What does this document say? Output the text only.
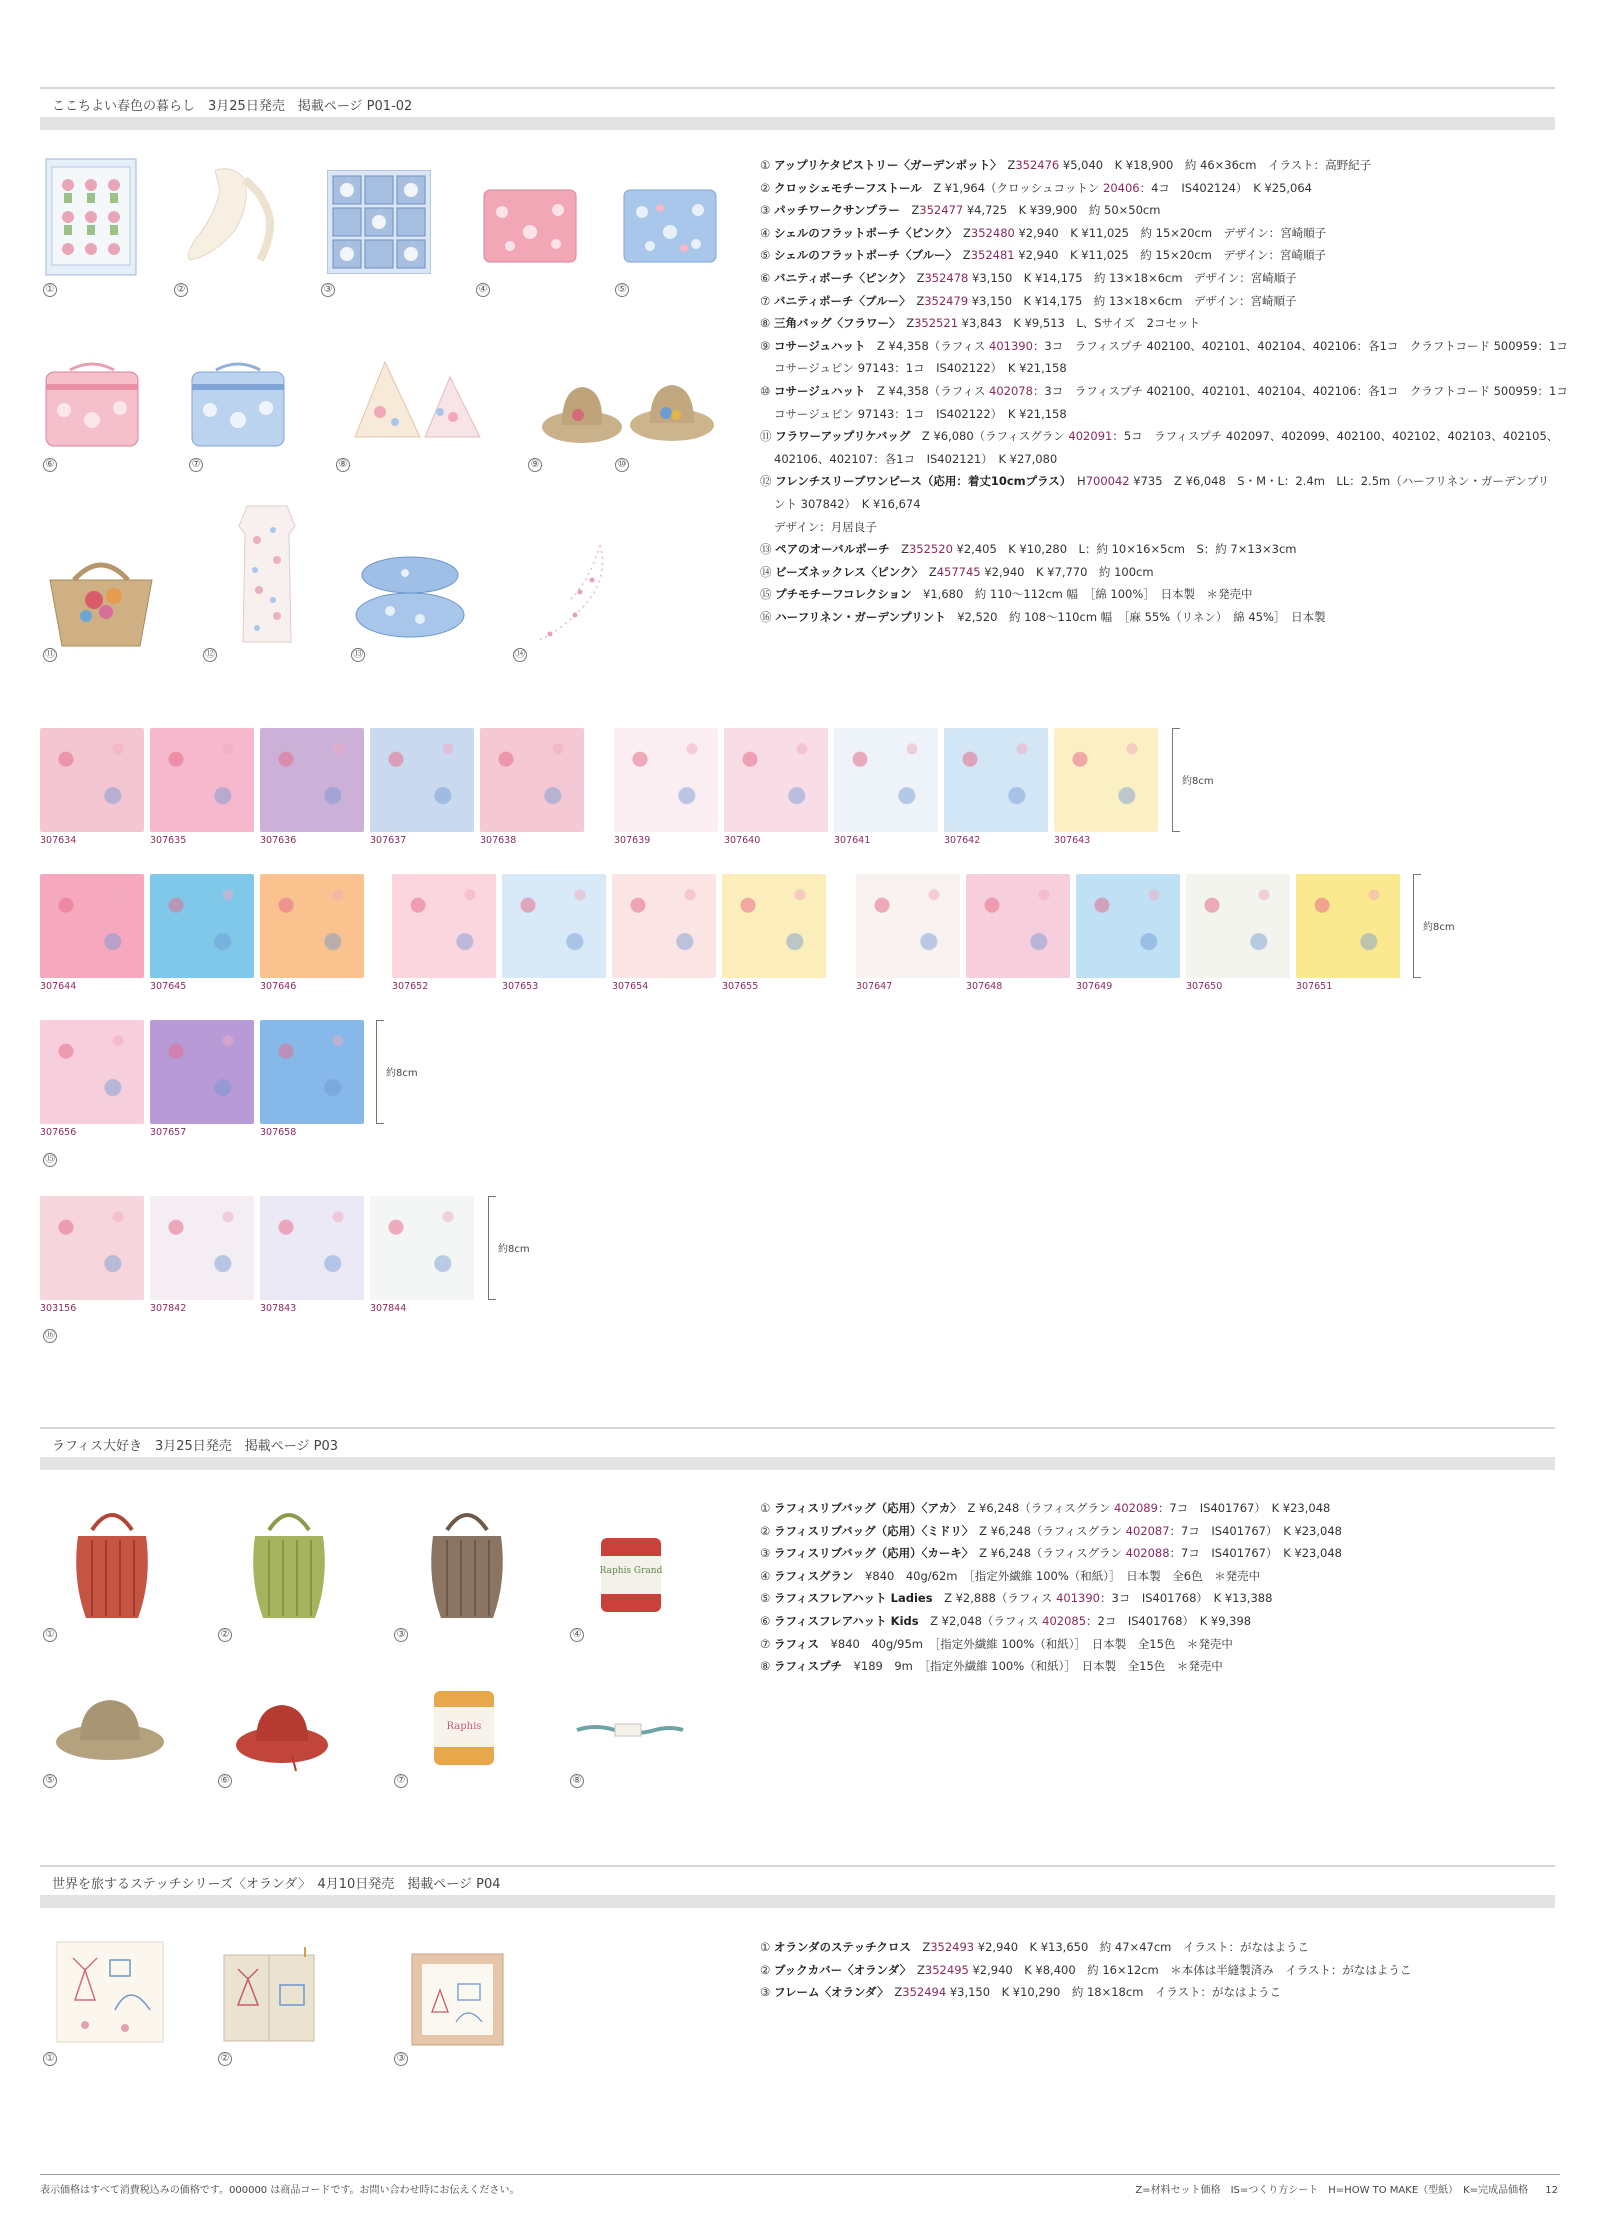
ここちよい春色の暮らし　3月25日発売　掲載ページ P01-02
①	②	③	④	⑤
⑥	⑦	⑧	⑨	⑩
⑪	⑫	⑬	⑭
① アップリケタピストリー〈ガーデンポット〉　Z352476 ¥5,040　K ¥18,900　約 46×36cm　イラスト：高野紀子
② クロッシェモチーフストール　Z ¥1,964（クロッシュコットン 20406：4コ　IS402124）　K ¥25,064
③ パッチワークサンプラー　Z352477 ¥4,725　K ¥39,900　約 50×50cm
④ シェルのフラットポーチ〈ピンク〉　Z352480 ¥2,940　K ¥11,025　約 15×20cm　デザイン：宮崎順子
⑤ シェルのフラットポーチ〈ブルー〉　Z352481 ¥2,940　K ¥11,025　約 15×20cm　デザイン：宮崎順子
⑥ バニティポーチ〈ピンク〉　Z352478 ¥3,150　K ¥14,175　約 13×18×6cm　デザイン：宮崎順子
⑦ バニティポーチ〈ブルー〉　Z352479 ¥3,150　K ¥14,175　約 13×18×6cm　デザイン：宮崎順子
⑧ 三角バッグ〈フラワー〉　Z352521 ¥3,843　K ¥9,513　L、Sサイズ　2コセット
⑨ コサージュハット　Z ¥4,358（ラフィス 401390：3コ　ラフィスプチ 402100、402101、402104、402106：各1コ　クラフトコード 500959：1コ
コサージュピン 97143：1コ　IS402122）　K ¥21,158
⑩ コサージュハット　Z ¥4,358（ラフィス 402078：3コ　ラフィスプチ 402100、402101、402104、402106：各1コ　クラフトコード 500959：1コ
コサージュピン 97143：1コ　IS402122）　K ¥21,158
⑪ フラワーアップリケバッグ　Z ¥6,080（ラフィスグラン 402091：5コ　ラフィスプチ 402097、402099、402100、402102、402103、402105、
402106、402107：各1コ　IS402121）　K ¥27,080
⑫ フレンチスリーブワンピース（応用：着丈10cmプラス）　H700042 ¥735　Z ¥6,048　S・M・L：2.4m　LL：2.5m（ハーフリネン・ガーデンプリ
ント 307842）　K ¥16,674
デザイン：月居良子
⑬ ペアのオーバルポーチ　Z352520 ¥2,405　K ¥10,280　L：約 10×16×5cm　S：約 7×13×3cm
⑭ ビーズネックレス〈ピンク〉　Z457745 ¥2,940　K ¥7,770　約 100cm
⑮ プチモチーフコレクション　¥1,680　約 110〜112cm 幅　［綿 100%］　日本製　＊発売中
⑯ ハーフリネン・ガーデンプリント　¥2,520　約 108〜110cm 幅　［麻 55%（リネン）　綿 45%］　日本製
307634	307635	307636	307637	307638	307639	307640	307641	307642	307643
約8cm
307644	307645	307646	307652	307653	307654	307655	307647	307648	307649	307650	307651
約8cm
307656	307657	307658
約8cm
⑮
303156	307842	307843	307844
約8cm
⑯
ラフィス大好き　3月25日発売　掲載ページ P03
Raphis Grand
Raphis
①	②	③	④
⑤	⑥	⑦	⑧
① ラフィスリブバッグ（応用）〈アカ〉　Z ¥6,248（ラフィスグラン 402089：7コ　IS401767）　K ¥23,048
② ラフィスリブバッグ（応用）〈ミドリ〉　Z ¥6,248（ラフィスグラン 402087：7コ　IS401767）　K ¥23,048
③ ラフィスリブバッグ（応用）〈カーキ〉　Z ¥6,248（ラフィスグラン 402088：7コ　IS401767）　K ¥23,048
④ ラフィスグラン　¥840　40g/62m　［指定外繊維 100%（和紙）］　日本製　全6色　＊発売中
⑤ ラフィスフレアハット Ladies　Z ¥2,888（ラフィス 401390：3コ　IS401768）　K ¥13,388
⑥ ラフィスフレアハット Kids　Z ¥2,048（ラフィス 402085：2コ　IS401768）　K ¥9,398
⑦ ラフィス　¥840　40g/95m　［指定外繊維 100%（和紙）］　日本製　全15色　＊発売中
⑧ ラフィスプチ　¥189　9m　［指定外繊維 100%（和紙）］　日本製　全15色　＊発売中
世界を旅するステッチシリーズ〈オランダ〉　4月10日発売　掲載ページ P04
①	②	③
① オランダのステッチクロス　Z352493 ¥2,940　K ¥13,650　約 47×47cm　イラスト：がなはようこ
② ブックカバー〈オランダ〉　Z352495 ¥2,940　K ¥8,400　約 16×12cm　＊本体は半縫製済み　イラスト：がなはようこ
③ フレーム〈オランダ〉　Z352494 ¥3,150　K ¥10,290　約 18×18cm　イラスト：がなはようこ
表示価格はすべて消費税込みの価格です。000000 は商品コードです。お問い合わせ時にお伝えください。	Z=材料セット価格　IS=つくり方シート　H=HOW TO MAKE（型紙）　K=完成品価格 12
